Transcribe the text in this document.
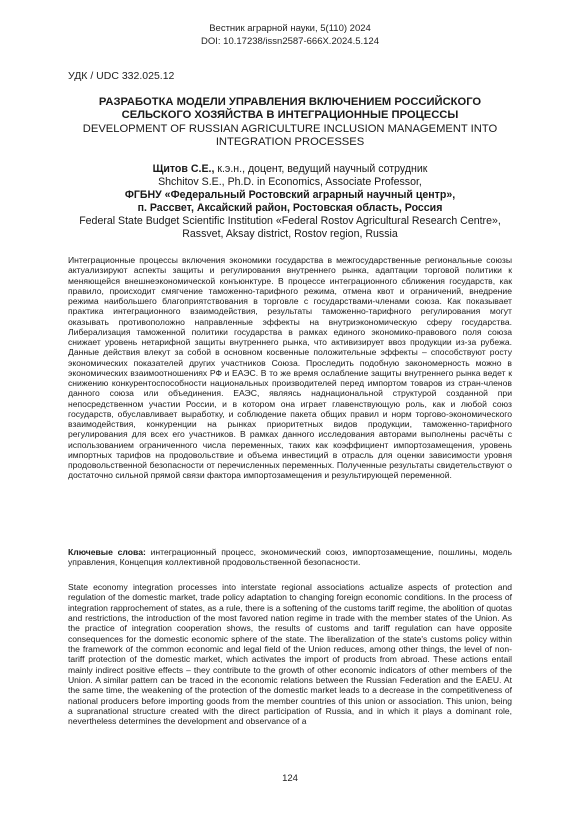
Вестник аграрной науки, 5(110) 2024
DOI: 10.17238/issn2587-666X.2024.5.124
УДК / UDC 332.025.12
РАЗРАБОТКА МОДЕЛИ УПРАВЛЕНИЯ ВКЛЮЧЕНИЕМ РОССИЙСКОГО СЕЛЬСКОГО ХОЗЯЙСТВА В ИНТЕГРАЦИОННЫЕ ПРОЦЕССЫ
DEVELOPMENT OF RUSSIAN AGRICULTURE INCLUSION MANAGEMENT INTO INTEGRATION PROCESSES
Щитов С.Е., к.э.н., доцент, ведущий научный сотрудник
Shchitov S.E., Ph.D. in Economics, Associate Professor,
ФГБНУ «Федеральный Ростовский аграрный научный центр»,
п. Рассвет, Аксайский район, Ростовская область, Россия
Federal State Budget Scientific Institution «Federal Rostov Agricultural Research Centre», Rassvet, Aksay district, Rostov region, Russia
Интеграционные процессы включения экономики государства в межгосударственные региональные союзы актуализируют аспекты защиты и регулирования внутреннего рынка, адаптации торговой политики к меняющейся внешнеэкономической конъюнктуре. В процессе интеграционного сближения государств, как правило, происходит смягчение таможенно-тарифного режима, отмена квот и ограничений, внедрение режима наибольшего благоприятствования в торговле с государствами-членами союза. Как показывает практика интеграционного взаимодействия, результаты таможенно-тарифного регулирования могут оказывать противоположно направленные эффекты на внутриэкономическую сферу государства. Либерализация таможенной политики государства в рамках единого экономико-правового поля союза снижает уровень нетарифной защиты внутреннего рынка, что активизирует ввоз продукции из-за рубежа. Данные действия влекут за собой в основном косвенные положительные эффекты – способствуют росту экономических показателей других участников Союза. Проследить подобную закономерность можно в экономических взаимоотношениях РФ и ЕАЭС. В то же время ослабление защиты внутреннего рынка ведет к снижению конкурентоспособности национальных производителей перед импортом товаров из стран-членов данного союза или объединения. ЕАЭС, являясь наднациональной структурой созданной при непосредственном участии России, и в котором она играет главенствующую роль, как и любой союз государств, обуславливает выработку, и соблюдение пакета общих правил и норм торгово-экономического взаимодействия, конкуренции на рынках приоритетных видов продукции, таможенно-тарифного регулирования для всех его участников. В рамках данного исследования авторами выполнены расчёты с использованием ограниченного числа переменных, таких как коэффициент импортозамещения, уровень импортных тарифов на продовольствие и объема инвестиций в отрасль для оценки зависимости уровня продовольственной безопасности от перечисленных переменных. Полученные результаты свидетельствуют о достаточно сильной прямой связи фактора импортозамещения и результирующей переменной.
Ключевые слова: интеграционный процесс, экономический союз, импортозамещение, пошлины, модель управления, Концепция коллективной продовольственной безопасности.
State economy integration processes into interstate regional associations actualize aspects of protection and regulation of the domestic market, trade policy adaptation to changing foreign economic conditions. In the process of integration rapprochement of states, as a rule, there is a softening of the customs tariff regime, the abolition of quotas and restrictions, the introduction of the most favored nation regime in trade with the member states of the Union. As the practice of integration cooperation shows, the results of customs and tariff regulation can have opposite consequences for the domestic economic sphere of the state. The liberalization of the state's customs policy within the framework of the common economic and legal field of the Union reduces, among other things, the level of non-tariff protection of the domestic market, which activates the import of products from abroad. These actions entail mainly indirect positive effects – they contribute to the growth of other economic indicators of other members of the Union. A similar pattern can be traced in the economic relations between the Russian Federation and the EAEU. At the same time, the weakening of the protection of the domestic market leads to a decrease in the competitiveness of national producers before importing goods from the member countries of this union or association. This union, being a supranational structure created with the direct participation of Russia, and in which it plays a dominant role, nevertheless determines the development and observance of a
124
